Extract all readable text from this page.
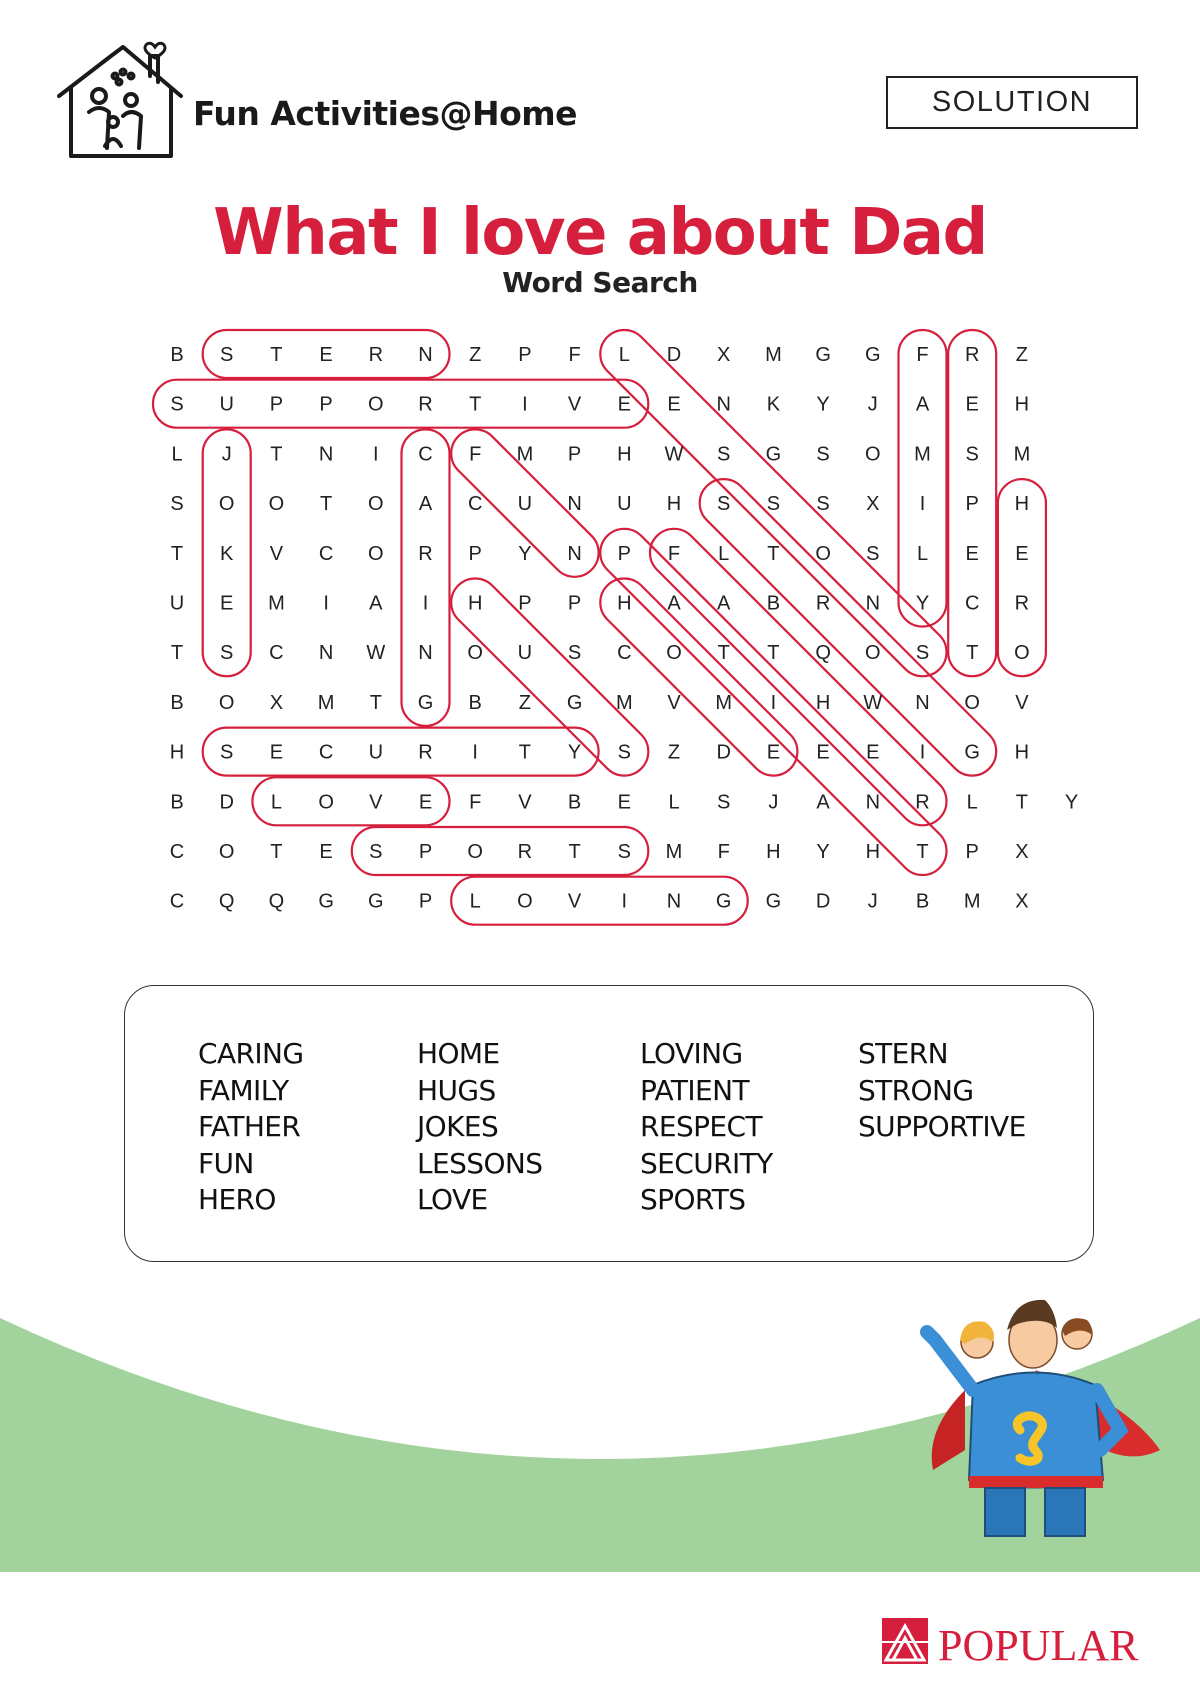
Fun Activities@Home	SOLUTION
What I love about Dad
Word Search
B S T E R N Z P F L D X M G G F R Z
S U P P O R T I V E E N K Y J A E H
L J T N I C F M P H W S G S O M S M
S O O T O A C U N U H S S S X I P H
T K V C O R P Y N P F L T O S L E E
U E M I A I H P P H A A B R N Y C R
T S C N W N O U S C O T T Q O S T O
B O X M T G B Z G M V M I H W N O V
H S E C U R I T Y S Z D E E E I G H
B D L O V E F V B E L S J A N R L T Y
C O T E S P O R T S M F H Y H T P X
C Q Q G G P L O V I N G G D J B M X
CARING
FAMILY
FATHER
FUN
HERO
HOME
HUGS
JOKES
LESSONS
LOVE
LOVING
PATIENT
RESPECT
SECURITY
SPORTS
STERN
STRONG
SUPPORTIVE
POPULAR
